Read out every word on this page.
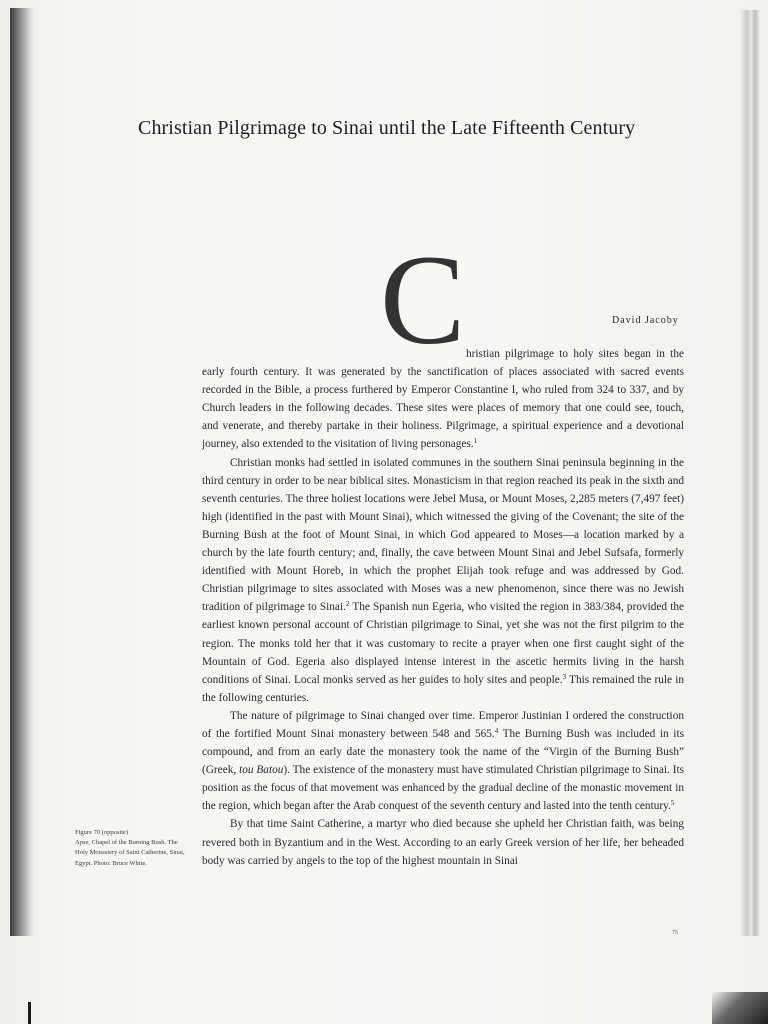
Christian Pilgrimage to Sinai until the Late Fifteenth Century
C	David Jacoby

hristian pilgrimage to holy sites began in the early fourth century. It was generated by the sanctification of places associated with sacred events recorded in the Bible, a process furthered by Emperor Constantine I, who ruled from 324 to 337, and by Church leaders in the following decades. These sites were places of memory that one could see, touch, and venerate, and thereby partake in their holiness. Pilgrimage, a spiritual experience and a devotional journey, also extended to the visitation of living personages.$^1$

Christian monks had settled in isolated communes in the southern Sinai peninsula beginning in the third century in order to be near biblical sites. Monasticism in that region reached its peak in the sixth and seventh centuries. The three holiest locations were Jebel Musa, or Mount Moses, 2,285 meters (7,497 feet) high (identified in the past with Mount Sinai), which witnessed the giving of the Covenant; the site of the Burning Bush at the foot of Mount Sinai, in which God appeared to Moses—a location marked by a church by the late fourth century; and, finally, the cave between Mount Sinai and Jebel Sufsafa, formerly identified with Mount Horeb, in which the prophet Elijah took refuge and was addressed by God. Christian pilgrimage to sites associated with Moses was a new phenomenon, since there was no Jewish tradition of pilgrimage to Sinai.$^2$ The Spanish nun Egeria, who visited the region in 383/384, provided the earliest known personal account of Christian pilgrimage to Sinai, yet she was not the first pilgrim to the region. The monks told her that it was customary to recite a prayer when one first caught sight of the Mountain of God. Egeria also displayed intense interest in the ascetic hermits living in the harsh conditions of Sinai. Local monks served as her guides to holy sites and people.$^3$ This remained the rule in the following centuries.

The nature of pilgrimage to Sinai changed over time. Emperor Justinian I ordered the construction of the fortified Mount Sinai monastery between 548 and 565.$^4$ The Burning Bush was included in its compound, and from an early date the monastery took the name of the “Virgin of the Burning Bush” (Greek, tou Batou). The existence of the monastery must have stimulated Christian pilgrimage to Sinai. Its position as the focus of that movement was enhanced by the gradual decline of the monastic movement in the region, which began after the Arab conquest of the seventh century and lasted into the tenth century.$^5$

By that time Saint Catherine, a martyr who died because she upheld her Christian faith, was being revered both in Byzantium and in the West. According to an early Greek version of her life, her beheaded body was carried by angels to the top of the highest mountain in Sinai

Figure 70 (opposite)
Apse, Chapel of the Burning Bush. The Holy Monastery of Saint Catherine, Sinai, Egypt. Photo: Bruce White.
75
